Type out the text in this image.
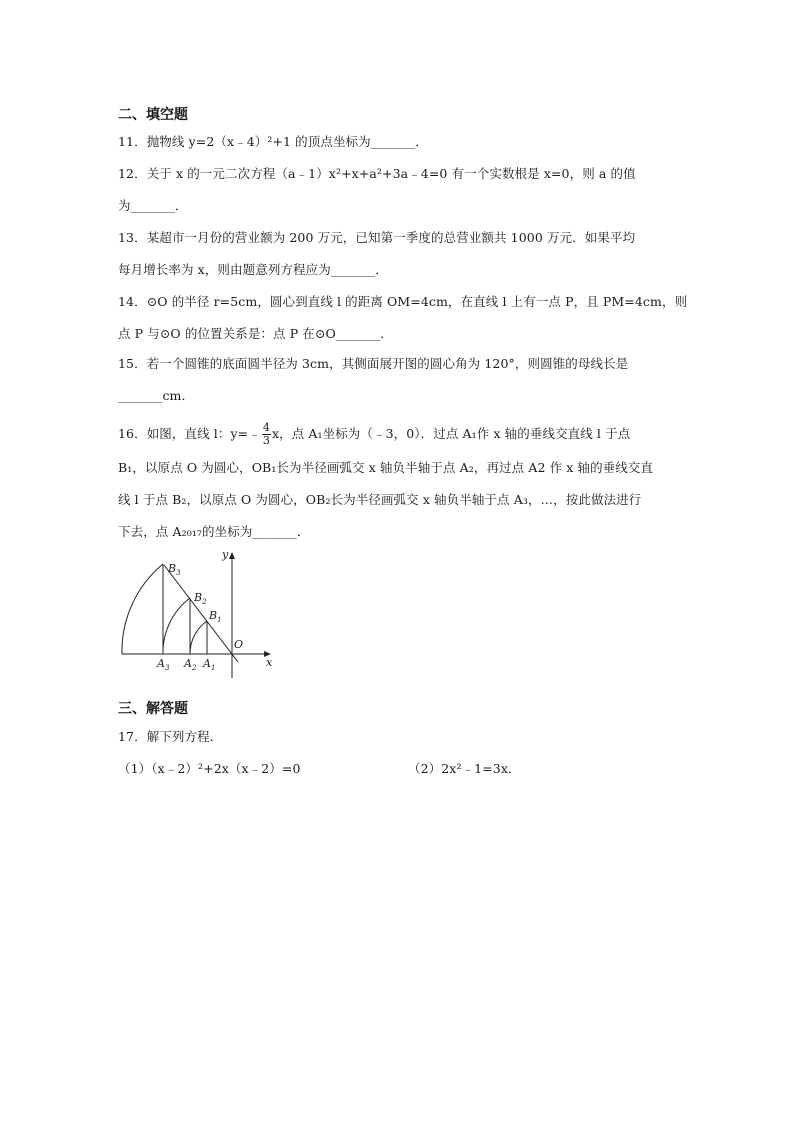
二、填空题
11．抛物线 y=2（x﹣4）²+1 的顶点坐标为_______．
12．关于 x 的一元二次方程（a﹣1）x²+x+a²+3a﹣4=0 有一个实数根是 x=0，则 a 的值
为_______．
13．某超市一月份的营业额为 200 万元，已知第一季度的总营业额共 1000 万元．如果平均
每月增长率为 x，则由题意列方程应为_______．
14．⊙O 的半径 r=5cm，圆心到直线 l 的距离 OM=4cm，在直线 l 上有一点 P，且 PM=4cm，则
点 P 与⊙O 的位置关系是：点 P 在⊙O_______．
15．若一个圆锥的底面圆半径为 3cm，其侧面展开图的圆心角为 120°，则圆锥的母线长是
_______cm．
16．如图，直线 l：y=﹣ $\frac{4}{3}$ x，点 A₁坐标为（﹣3，0）．过点 A₁作 x 轴的垂线交直线 l 于点
B₁，以原点 O 为圆心，OB₁长为半径画弧交 x 轴负半轴于点 A₂，再过点 A2 作 x 轴的垂线交直
线 l 于点 B₂，以原点 O 为圆心，OB₂长为半径画弧交 x 轴负半轴于点 A₃，…，按此做法进行
下去，点 A₂₀₁₇的坐标为_______．
y
x
O
$B_3$
$B_2$
$B_1$
$A_3$ $A_2$ $A_1$
三、解答题
17．解下列方程．
（1）（x﹣2）²+2x（x﹣2）=0	（2）2x²﹣1=3x．
